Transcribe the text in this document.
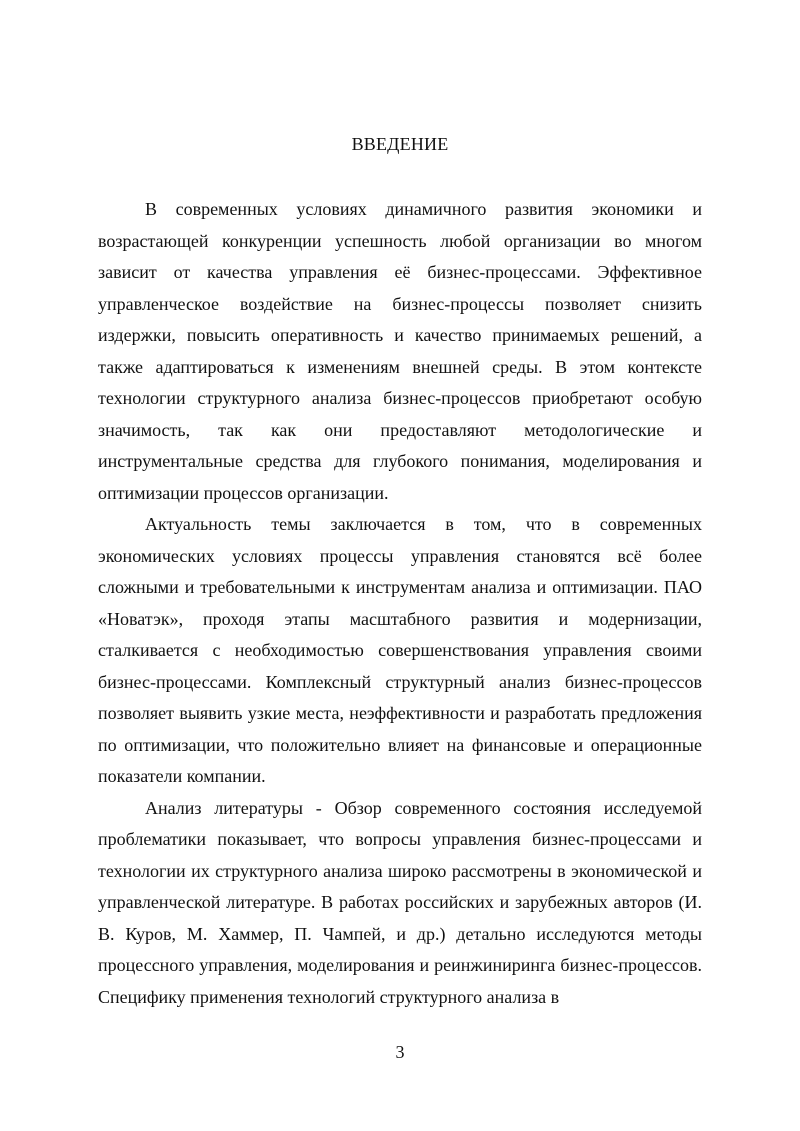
ВВЕДЕНИЕ

В современных условиях динамичного развития экономики и возрастающей конкуренции успешность любой организации во многом зависит от качества управления её бизнес-процессами. Эффективное управленческое воздействие на бизнес-процессы позволяет снизить издержки, повысить оперативность и качество принимаемых решений, а также адаптироваться к изменениям внешней среды. В этом контексте технологии структурного анализа бизнес-процессов приобретают особую значимость, так как они предоставляют методологические и инструментальные средства для глубокого понимания, моделирования и оптимизации процессов организации.

Актуальность темы заключается в том, что в современных экономических условиях процессы управления становятся всё более сложными и требовательными к инструментам анализа и оптимизации. ПАО «Новатэк», проходя этапы масштабного развития и модернизации, сталкивается с необходимостью совершенствования управления своими бизнес-процессами. Комплексный структурный анализ бизнес-процессов позволяет выявить узкие места, неэффективности и разработать предложения по оптимизации, что положительно влияет на финансовые и операционные показатели компании.

Анализ литературы - Обзор современного состояния исследуемой проблематики показывает, что вопросы управления бизнес-процессами и технологии их структурного анализа широко рассмотрены в экономической и управленческой литературе. В работах российских и зарубежных авторов (И. В. Куров, М. Хаммер, П. Чампей, и др.) детально исследуются методы процессного управления, моделирования и реинжиниринга бизнес-процессов. Специфику применения технологий структурного анализа в

3
